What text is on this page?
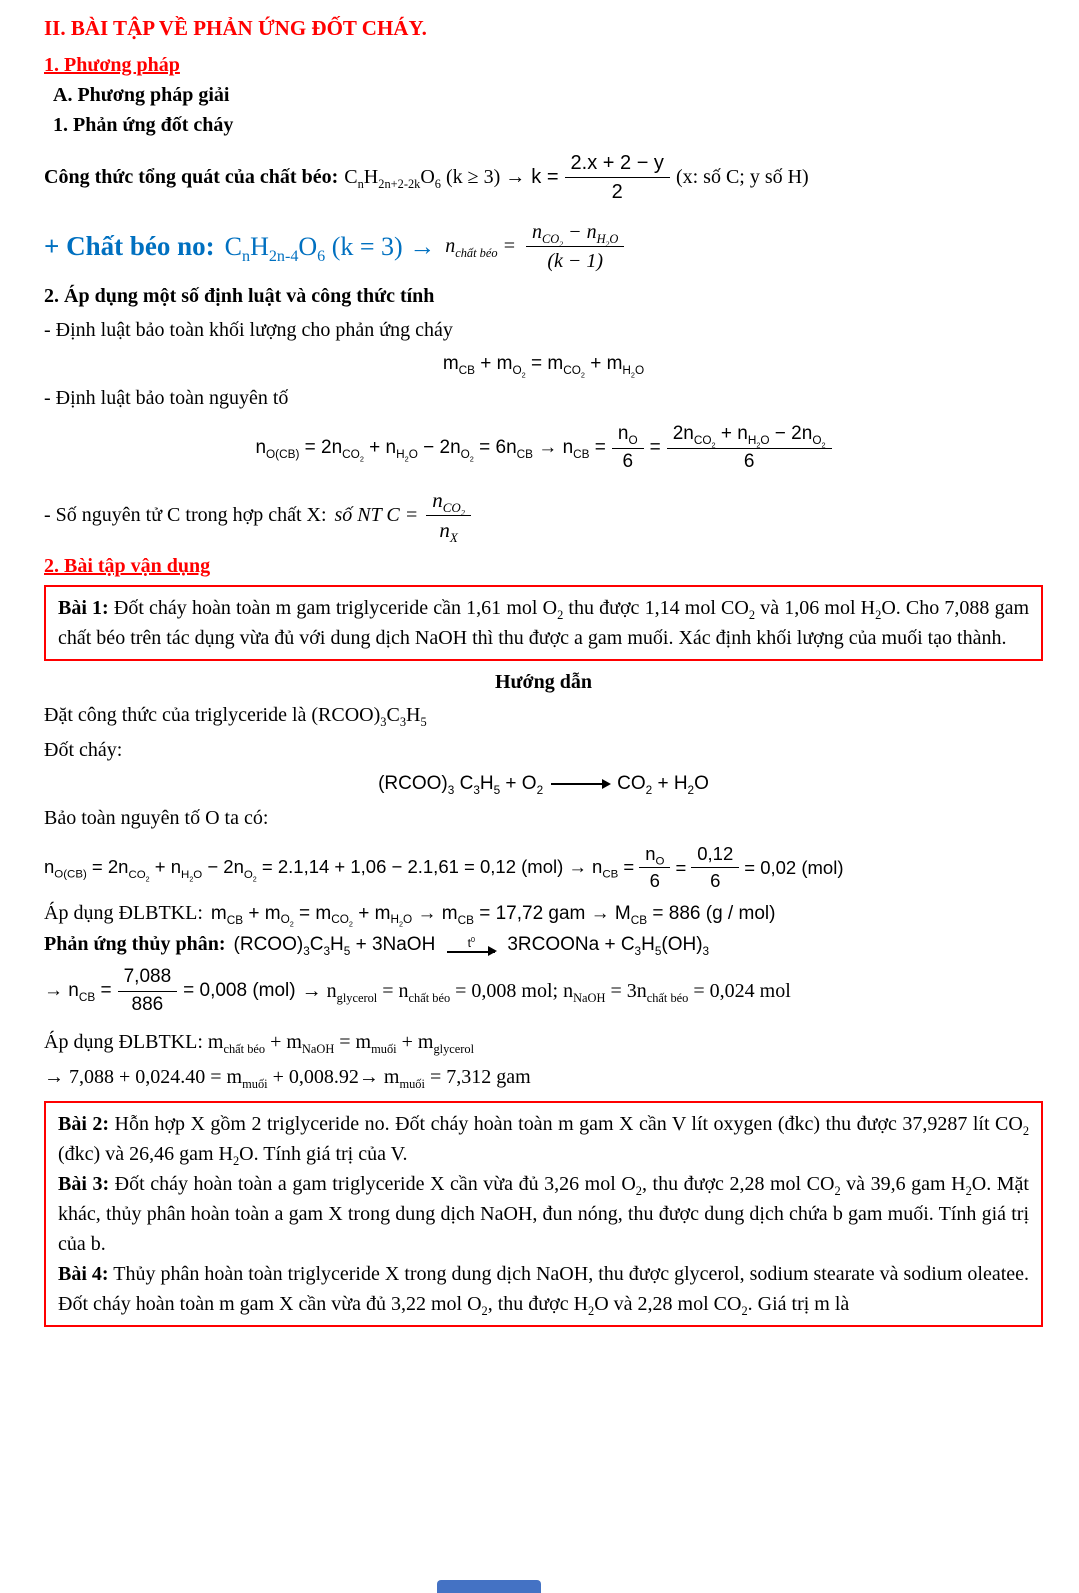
II. BÀI TẬP VỀ PHẢN ỨNG ĐỐT CHÁY.
1. Phương pháp
A. Phương pháp giải
1. Phản ứng đốt cháy
Công thức tổng quát của chất béo: $C_nH_{2n+2-2k}O_6$ $(k \ge 3) \to k = \frac{2.x + 2 - y}{2} (x$: số C; y số H)
+ Chất béo no: $C_nH_{2n-4}O_6$ $(k = 3) \to n_{chất béo} = \frac{n_{CO_2} - n_{H_2O}}{(k - 1)}$
2. Áp dụng một số định luật và công thức tính
- Định luật bảo toàn khối lượng cho phản ứng cháy
$m_{CB} + m_{O_2} = m_{CO_2} + m_{H_2O}$
- Định luật bảo toàn nguyên tố
$n_{O(CB)} = 2n_{CO_2} + n_{H_2O} - 2n_{O_2} = 6n_{CB} \to n_{CB} = \frac{n_O}{6} = \frac{2n_{CO_2} + n_{H_2O} - 2n_{O_2}}{6}$
- Số nguyên tử C trong hợp chất X: số NT $C = \frac{n_{CO_2}}{n_X}$
2. Bài tập vận dụng
Bài 1: Đốt cháy hoàn toàn m gam triglyceride cần 1,61 mol $O_2$ thu được 1,14 mol $CO_2$ và 1,06 mol $H_2O$. Cho 7,088 gam chất béo trên tác dụng vừa đủ với dung dịch NaOH thì thu được a gam muối. Xác định khối lượng của muối tạo thành.
Hướng dẫn
Đặt công thức của triglyceride là $(RCOO)_3C_3H_5$
Đốt cháy:
$(RCOO)_3$ $C_3H_5 + O_2 \to CO_2 + H_2O$
Bảo toàn nguyên tố O ta có:
$n_{O(CB)} = 2n_{CO_2} + n_{H_2O} - 2n_{O_2} = 2.1,14 + 1,06 - 2.1,61 = 0,12$ $(mol) \to n_{CB} = \frac{n_O}{6} = \frac{0,12}{6} = 0,02$ (mol)
Áp dụng ĐLBTKL: $m_{CB} + m_{O_2} = m_{CO_2} + m_{H_2O} \to m_{CB} = 17,72$ gam → $M_{CB} = 886$ (g / mol)
Phản ứng thủy phân: $(RCOO)_3C_3H_5$ + 3NaOH	$t^0$ 3RCOONa + $C_3H_5(OH)_3$
→ $n_{CB} = \frac{7,088}{886} = 0,008$ $(mol) \to n_{glycerol} = n_{chất béo} = 0,008$ mol; $n_{NaOH} = 3n_{chất béo} = 0,024$ mol
Áp dụng ĐLBTKL: $m_{chất béo} + m_{NaOH} = m_{muối} + m_{glycerol}$
→ $7,088 + 0,024.40 = m_{muối} + 0,008.92\to m_{muối} = 7,312$ gam

Bài 2: Hỗn hợp X gồm 2 triglyceride no. Đốt cháy hoàn toàn m gam X cần V lít oxygen (đkc) thu được 37,9287 lít $CO_2$ (đkc) và 26,46 gam $H_2O$. Tính giá trị của V.

Bài 3: Đốt cháy hoàn toàn a gam triglyceride X cần vừa đủ 3,26 mol $O_2$, thu được 2,28 mol $CO_2$ và 39,6 gam $H_2O$. Mặt khác, thủy phân hoàn toàn a gam X trong dung dịch NaOH, đun nóng, thu được dung dịch chứa b gam muối. Tính giá trị của b.

Bài 4: Thủy phân hoàn toàn triglyceride X trong dung dịch NaOH, thu được glycerol, sodium stearate và sodium oleatee. Đốt cháy hoàn toàn m gam X cần vừa đủ 3,22 mol $O_2$, thu được $H_2O$ và 2,28 mol $CO_2$. Giá trị m là
